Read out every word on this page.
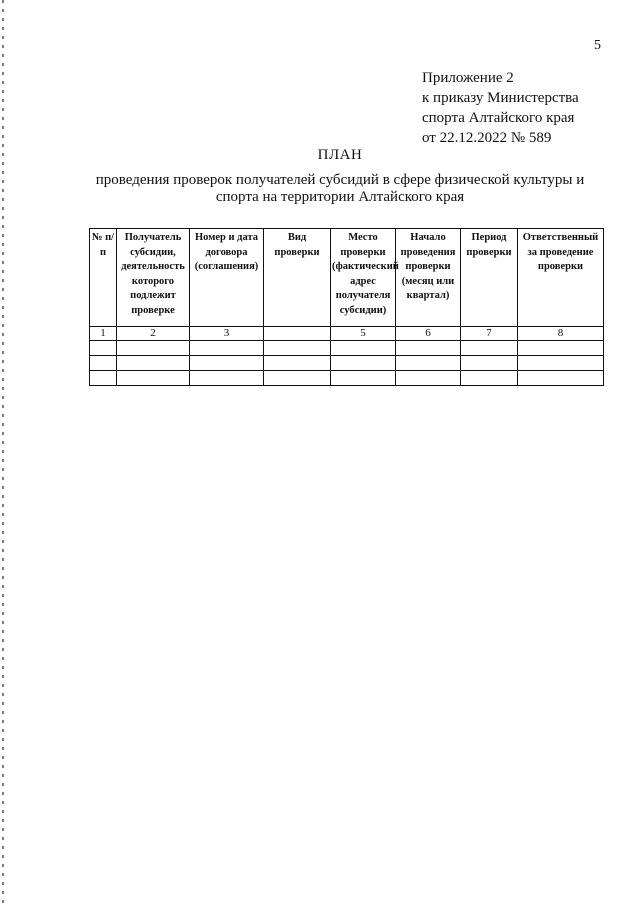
5
Приложение 2
к приказу Министерства
спорта Алтайского края
от 22.12.2022 № 589
ПЛАН
проведения проверок получателей субсидий в сфере физической культуры и спорта на территории Алтайского края
№ п/п	Получатель субсидии, деятельность которого подлежит проверке	Номер и дата договора (соглашения)	Вид проверки	Место проверки (фактический адрес получателя субсидии)	Начало проведения проверки (месяц или квартал)	Период проверки	Ответственный за проведение проверки
1	2	3		5	6	7	8
